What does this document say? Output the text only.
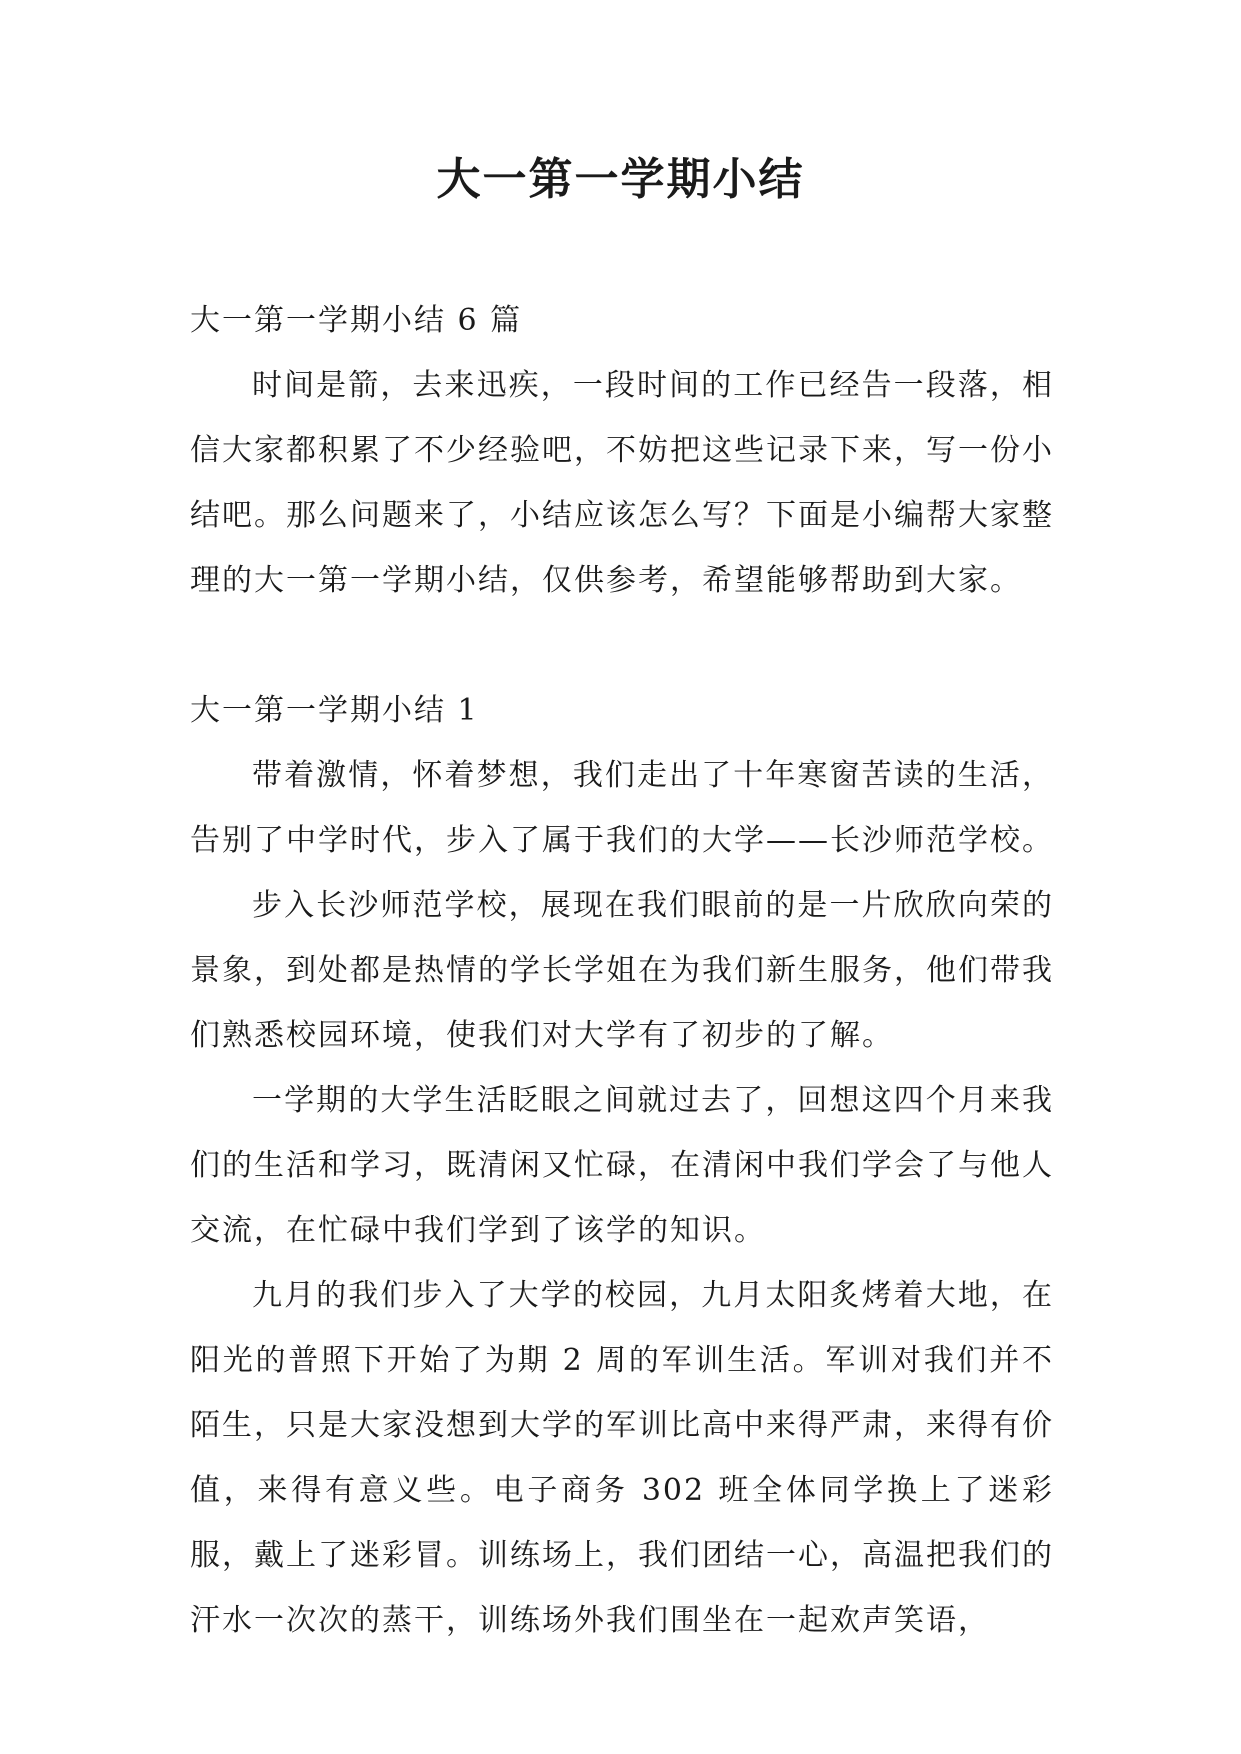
大一第一学期小结

大一第一学期小结 6 篇

时间是箭，去来迅疾，一段时间的工作已经告一段落，相信大家都积累了不少经验吧，不妨把这些记录下来，写一份小结吧。那么问题来了，小结应该怎么写？下面是小编帮大家整理的大一第一学期小结，仅供参考，希望能够帮助到大家。

大一第一学期小结 1

带着激情，怀着梦想，我们走出了十年寒窗苦读的生活，告别了中学时代，步入了属于我们的大学——长沙师范学校。

步入长沙师范学校，展现在我们眼前的是一片欣欣向荣的景象，到处都是热情的学长学姐在为我们新生服务，他们带我们熟悉校园环境，使我们对大学有了初步的了解。

一学期的大学生活眨眼之间就过去了，回想这四个月来我们的生活和学习，既清闲又忙碌，在清闲中我们学会了与他人交流，在忙碌中我们学到了该学的知识。

九月的我们步入了大学的校园，九月太阳炙烤着大地，在阳光的普照下开始了为期 2 周的军训生活。军训对我们并不陌生，只是大家没想到大学的军训比高中来得严肃，来得有价值，来得有意义些。电子商务 302 班全体同学换上了迷彩服，戴上了迷彩冒。训练场上，我们团结一心，高温把我们的汗水一次次的蒸干，训练场外我们围坐在一起欢声笑语，
